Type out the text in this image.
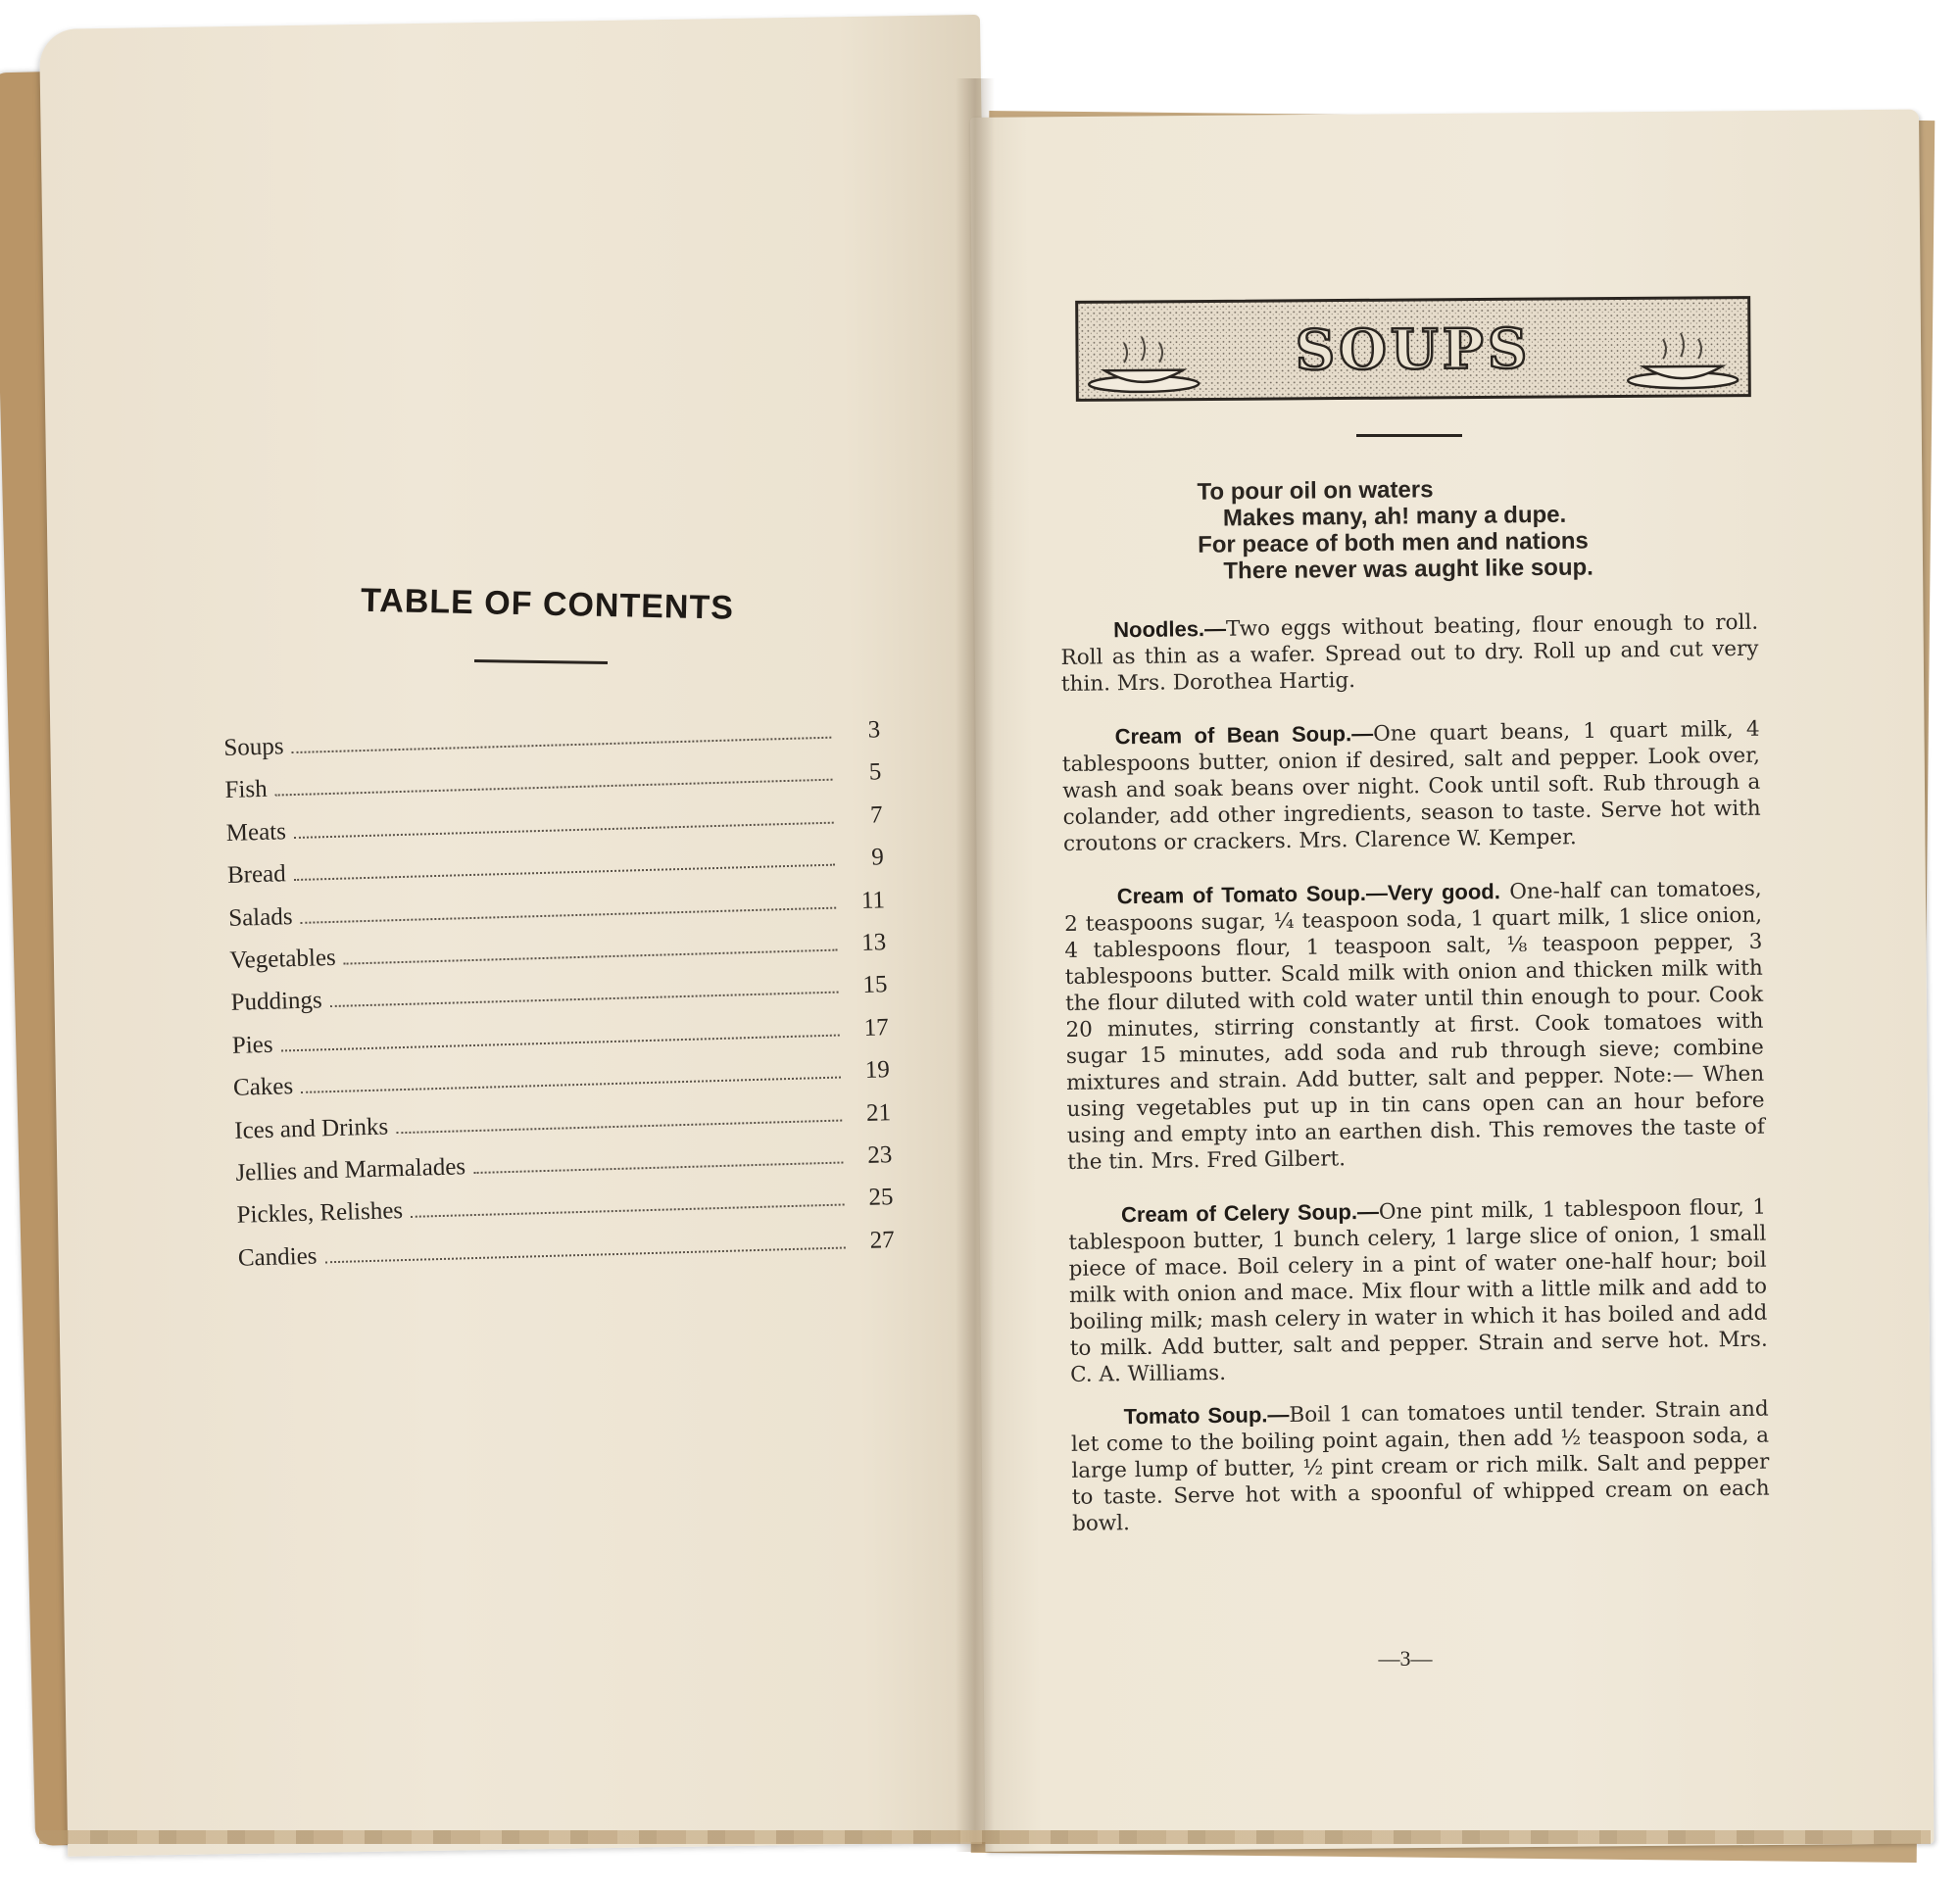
TABLE OF CONTENTS
Soups
3
Fish
5
Meats
7
Bread
9
Salads
11
Vegetables
13
Puddings
15
Pies
17
Cakes
19
Ices and Drinks
21
Jellies and Marmalades	23
Pickles, Relishes
25
Candies
27
SOUPS
To pour oil on waters
Makes many, ah! many a dupe.
For peace of both men and nations
There never was aught like soup.

Noodles.—Two eggs without beating, flour enough to roll. Roll as thin as a wafer. Spread out to dry. Roll up and cut very thin. Mrs. Dorothea Hartig.

Cream of Bean Soup.—One quart beans, 1 quart milk, 4 tablespoons butter, onion if desired, salt and pepper. Look over, wash and soak beans over night. Cook until soft. Rub through a colander, add other ingredients, season to taste. Serve hot with croutons or crackers. Mrs. Clarence W. Kemper.

Cream of Tomato Soup.—Very good. One-half can tomatoes, 2 teaspoons sugar, ¼ teaspoon soda, 1 quart milk, 1 slice onion, 4 tablespoons flour, 1 teaspoon salt, ⅛ teaspoon pepper, 3 tablespoons butter. Scald milk with onion and thicken milk with the flour diluted with cold water until thin enough to pour. Cook 20 minutes, stirring constantly at first. Cook tomatoes with sugar 15 minutes, add soda and rub through sieve; combine mixtures and strain. Add butter, salt and pepper. Note:— When using vegetables put up in tin cans open can an hour before using and empty into an earthen dish. This removes the taste of the tin. Mrs. Fred Gilbert.

Cream of Celery Soup.—One pint milk, 1 tablespoon flour, 1 tablespoon butter, 1 bunch celery, 1 large slice of onion, 1 small piece of mace. Boil celery in a pint of water one-half hour; boil milk with onion and mace. Mix flour with a little milk and add to boiling milk; mash celery in water in which it has boiled and add to milk. Add butter, salt and pepper. Strain and serve hot. Mrs. C. A. Williams.

Tomato Soup.—Boil 1 can tomatoes until tender. Strain and let come to the boiling point again, then add ½ teaspoon soda, a large lump of butter, ½ pint cream or rich milk. Salt and pepper to taste. Serve hot with a spoonful of whipped cream on each bowl.

—3—
